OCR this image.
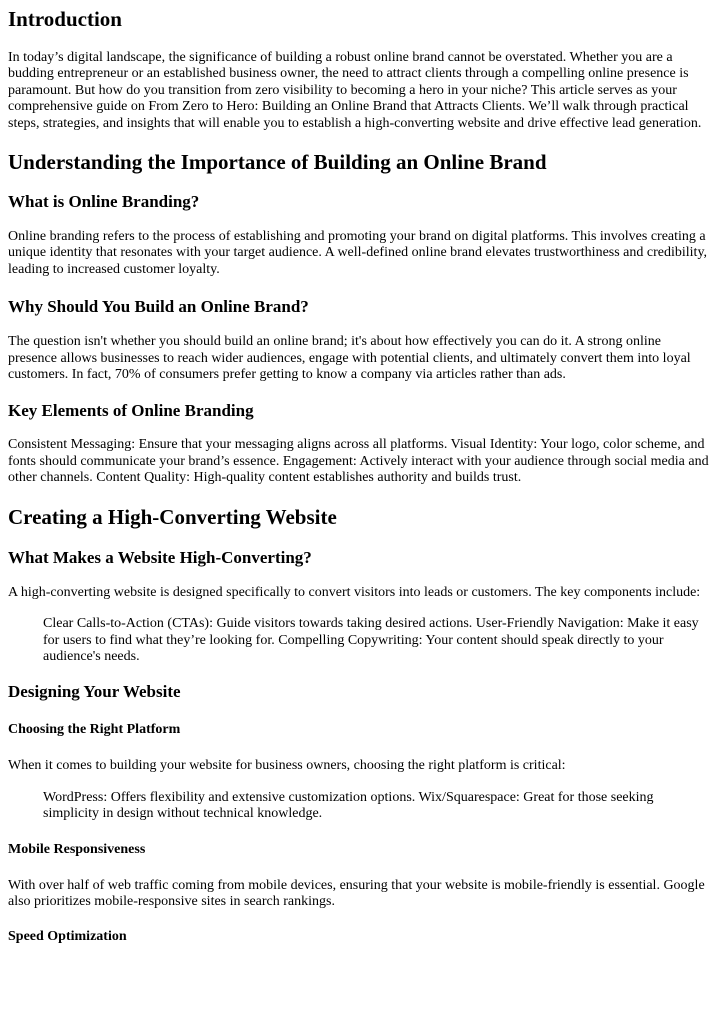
Introduction

In today’s digital landscape, the significance of building a robust online brand cannot be overstated. Whether you are a budding entrepreneur or an established business owner, the need to attract clients through a compelling online presence is paramount. But how do you transition from zero visibility to becoming a hero in your niche? This article serves as your comprehensive guide on From Zero to Hero: Building an Online Brand that Attracts Clients. We’ll walk through practical steps, strategies, and insights that will enable you to establish a high-converting website and drive effective lead generation.

Understanding the Importance of Building an Online Brand
What is Online Branding?

Online branding refers to the process of establishing and promoting your brand on digital platforms. This involves creating a unique identity that resonates with your target audience. A well-defined online brand elevates trustworthiness and credibility, leading to increased customer loyalty.

Why Should You Build an Online Brand?

The question isn't whether you should build an online brand; it's about how effectively you can do it. A strong online presence allows businesses to reach wider audiences, engage with potential clients, and ultimately convert them into loyal customers. In fact, 70% of consumers prefer getting to know a company via articles rather than ads.

Key Elements of Online Branding

Consistent Messaging: Ensure that your messaging aligns across all platforms. Visual Identity: Your logo, color scheme, and fonts should communicate your brand’s essence. Engagement: Actively interact with your audience through social media and other channels. Content Quality: High-quality content establishes authority and builds trust.

Creating a High-Converting Website
What Makes a Website High-Converting?

A high-converting website is designed specifically to convert visitors into leads or customers. The key components include:

Clear Calls-to-Action (CTAs): Guide visitors towards taking desired actions. User-Friendly Navigation: Make it easy for users to find what they’re looking for. Compelling Copywriting: Your content should speak directly to your audience's needs.
Designing Your Website
Choosing the Right Platform

When it comes to building your website for business owners, choosing the right platform is critical:

WordPress: Offers flexibility and extensive customization options. Wix/Squarespace: Great for those seeking simplicity in design without technical knowledge.
Mobile Responsiveness

With over half of web traffic coming from mobile devices, ensuring that your website is mobile-friendly is essential. Google also prioritizes mobile-responsive sites in search rankings.

Speed Optimization
